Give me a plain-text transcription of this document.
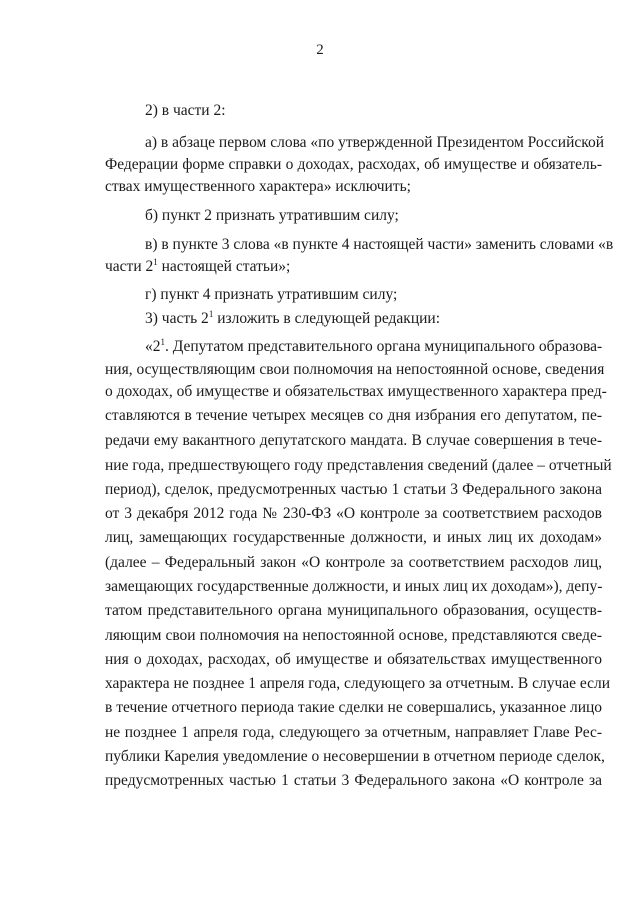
2
2) в части 2:
а) в абзаце первом слова «по утвержденной Президентом Российской
Федерации форме справки о доходах, расходах, об имуществе и обязатель-
ствах имущественного характера» исключить;
б) пункт 2 признать утратившим силу;
в) в пункте 3 слова «в пункте 4 настоящей части» заменить словами «в
части $2^1$ настоящей статьи»;
г) пункт 4 признать утратившим силу;
3) часть $2^1$ изложить в следующей редакции:
«$2^1$. Депутатом представительного органа муниципального образова-
ния, осуществляющим свои полномочия на непостоянной основе, сведения
о доходах, об имуществе и обязательствах имущественного характера пред-
ставляются в течение четырех месяцев со дня избрания его депутатом, пе-
редачи ему вакантного депутатского мандата. В случае совершения в тече-
ние года, предшествующего году представления сведений (далее – отчетный
период), сделок, предусмотренных частью 1 статьи 3 Федерального закона
от 3 декабря 2012 года № 230-ФЗ «О контроле за соответствием расходов
лиц, замещающих государственные должности, и иных лиц их доходам»
(далее – Федеральный закон «О контроле за соответствием расходов лиц,
замещающих государственные должности, и иных лиц их доходам»), депу-
татом представительного органа муниципального образования, осуществ-
ляющим свои полномочия на непостоянной основе, представляются сведе-
ния о доходах, расходах, об имуществе и обязательствах имущественного
характера не позднее 1 апреля года, следующего за отчетным. В случае если
в течение отчетного периода такие сделки не совершались, указанное лицо
не позднее 1 апреля года, следующего за отчетным, направляет Главе Рес-
публики Карелия уведомление о несовершении в отчетном периоде сделок,
предусмотренных частью 1 статьи 3 Федерального закона «О контроле за
